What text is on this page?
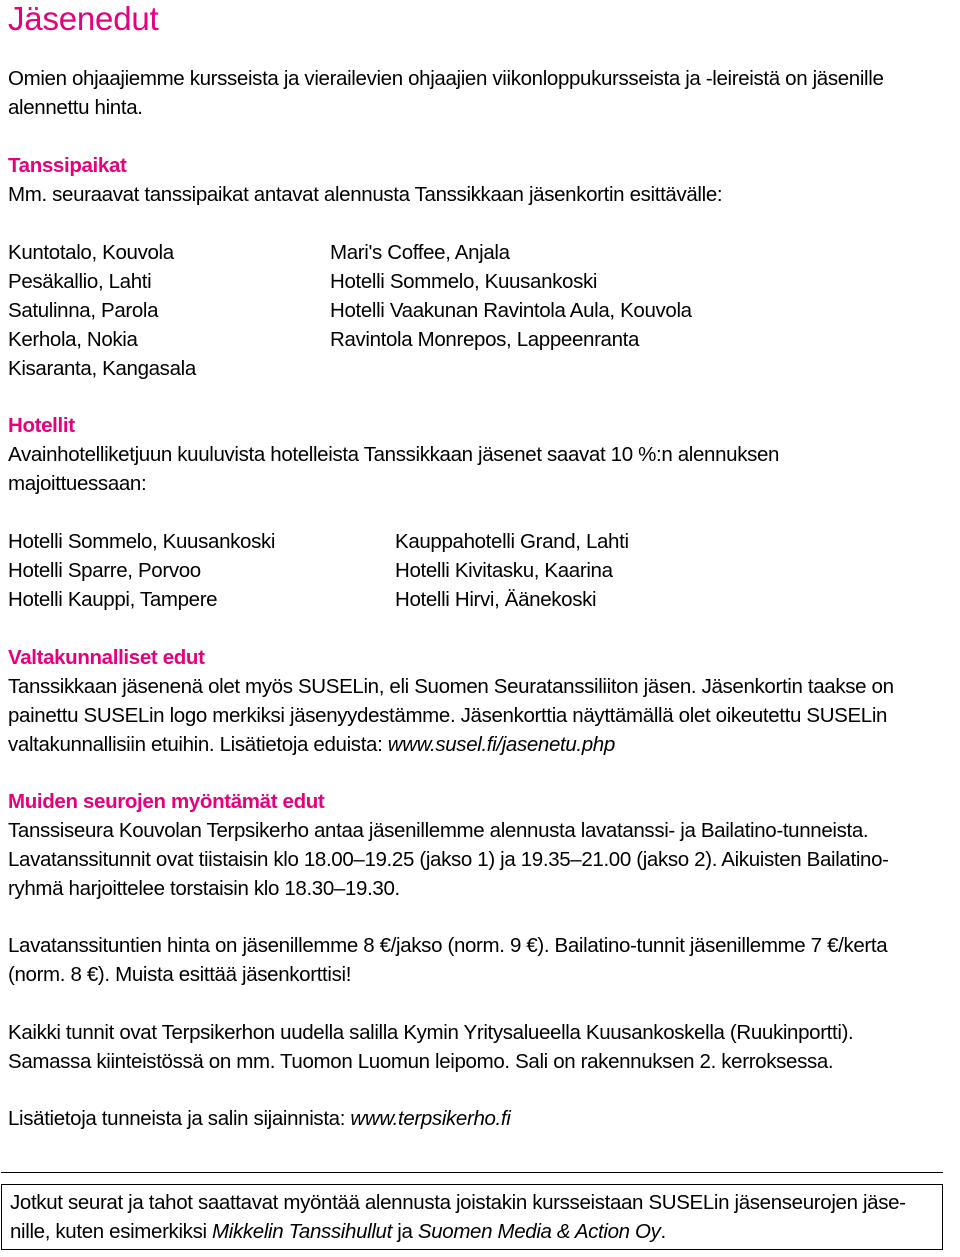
Jäsenedut
Omien ohjaajiemme kursseista ja vierailevien ohjaajien viikonloppukursseista ja -leireistä on jäsenille
alennettu hinta.
Tanssipaikat
Mm. seuraavat tanssipaikat antavat alennusta Tanssikkaan jäsenkortin esittävälle:
Kuntotalo, Kouvola
Pesäkallio, Lahti
Satulinna, Parola
Kerhola, Nokia
Kisaranta, Kangasala
Mari's Coffee, Anjala
Hotelli Sommelo, Kuusankoski
Hotelli Vaakunan Ravintola Aula, Kouvola
Ravintola Monrepos, Lappeenranta
Hotellit
Avainhotelliketjuun kuuluvista hotelleista Tanssikkaan jäsenet saavat 10 %:n alennuksen
majoittuessaan:
Hotelli Sommelo, Kuusankoski
Hotelli Sparre, Porvoo
Hotelli Kauppi, Tampere
Kauppahotelli Grand, Lahti
Hotelli Kivitasku, Kaarina
Hotelli Hirvi, Äänekoski
Valtakunnalliset edut
Tanssikkaan jäsenenä olet myös SUSELin, eli Suomen Seuratanssiliiton jäsen. Jäsenkortin taakse on
painettu SUSELin logo merkiksi jäsenyydestämme. Jäsenkorttia näyttämällä olet oikeutettu SUSELin
valtakunnallisiin etuihin. Lisätietoja eduista: www.susel.fi/jasenetu.php
Muiden seurojen myöntämät edut
Tanssiseura Kouvolan Terpsikerho antaa jäsenillemme alennusta lavatanssi- ja Bailatino-tunneista.
Lavatanssitunnit ovat tiistaisin klo 18.00–19.25 (jakso 1) ja 19.35–21.00 (jakso 2). Aikuisten Bailatino-
ryhmä harjoittelee torstaisin klo 18.30–19.30.
Lavatanssituntien hinta on jäsenillemme 8 €/jakso (norm. 9 €). Bailatino-tunnit jäsenillemme 7 €/kerta
(norm. 8 €). Muista esittää jäsenkorttisi!
Kaikki tunnit ovat Terpsikerhon uudella salilla Kymin Yritysalueella Kuusankoskella (Ruukinportti).
Samassa kiinteistössä on mm. Tuomon Luomun leipomo. Sali on rakennuksen 2. kerroksessa.
Lisätietoja tunneista ja salin sijainnista: www.terpsikerho.fi
Jotkut seurat ja tahot saattavat myöntää alennusta joistakin kursseistaan SUSELin jäsenseurojen jäse-
nille, kuten esimerkiksi Mikkelin Tanssihullut ja Suomen Media & Action Oy.
